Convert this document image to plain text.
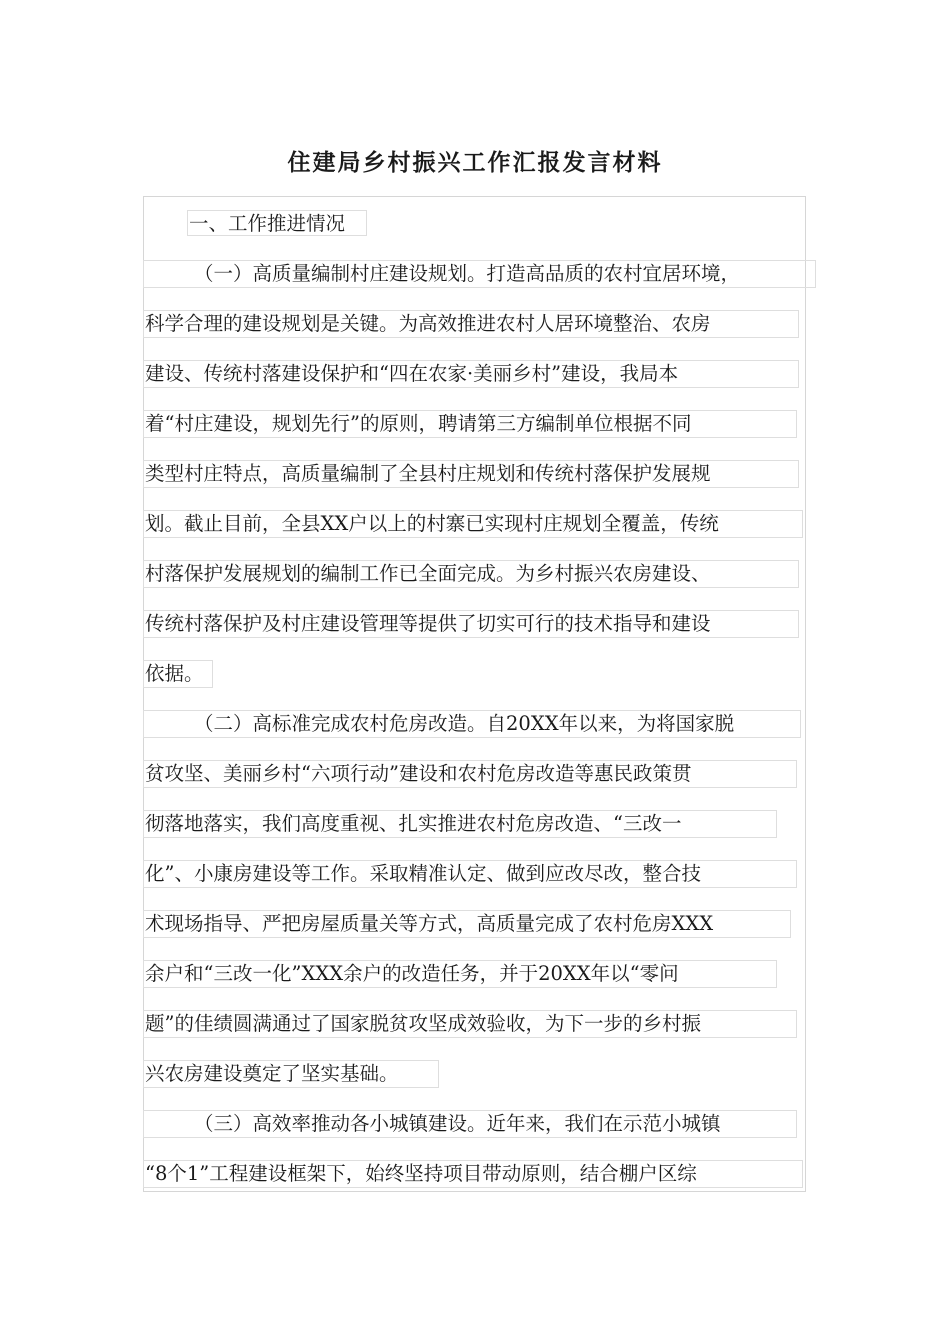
住建局乡村振兴工作汇报发言材料
一、工作推进情况
（一）高质量编制村庄建设规划。打造高品质的农村宜居环境，
科学合理的建设规划是关键。为高效推进农村人居环境整治、农房
建设、传统村落建设保护和“四在农家·美丽乡村”建设，我局本
着“村庄建设，规划先行”的原则，聘请第三方编制单位根据不同
类型村庄特点，高质量编制了全县村庄规划和传统村落保护发展规
划。截止目前，全县XX户以上的村寨已实现村庄规划全覆盖，传统
村落保护发展规划的编制工作已全面完成。为乡村振兴农房建设、
传统村落保护及村庄建设管理等提供了切实可行的技术指导和建设
依据。
（二）高标准完成农村危房改造。自20XX年以来，为将国家脱
贫攻坚、美丽乡村“六项行动”建设和农村危房改造等惠民政策贯
彻落地落实，我们高度重视、扎实推进农村危房改造、“三改一
化”、小康房建设等工作。采取精准认定、做到应改尽改，整合技
术现场指导、严把房屋质量关等方式，高质量完成了农村危房XXX
余户和“三改一化”XXX余户的改造任务，并于20XX年以“零问
题”的佳绩圆满通过了国家脱贫攻坚成效验收，为下一步的乡村振
兴农房建设奠定了坚实基础。
（三）高效率推动各小城镇建设。近年来，我们在示范小城镇
“8个1”工程建设框架下，始终坚持项目带动原则，结合棚户区综
